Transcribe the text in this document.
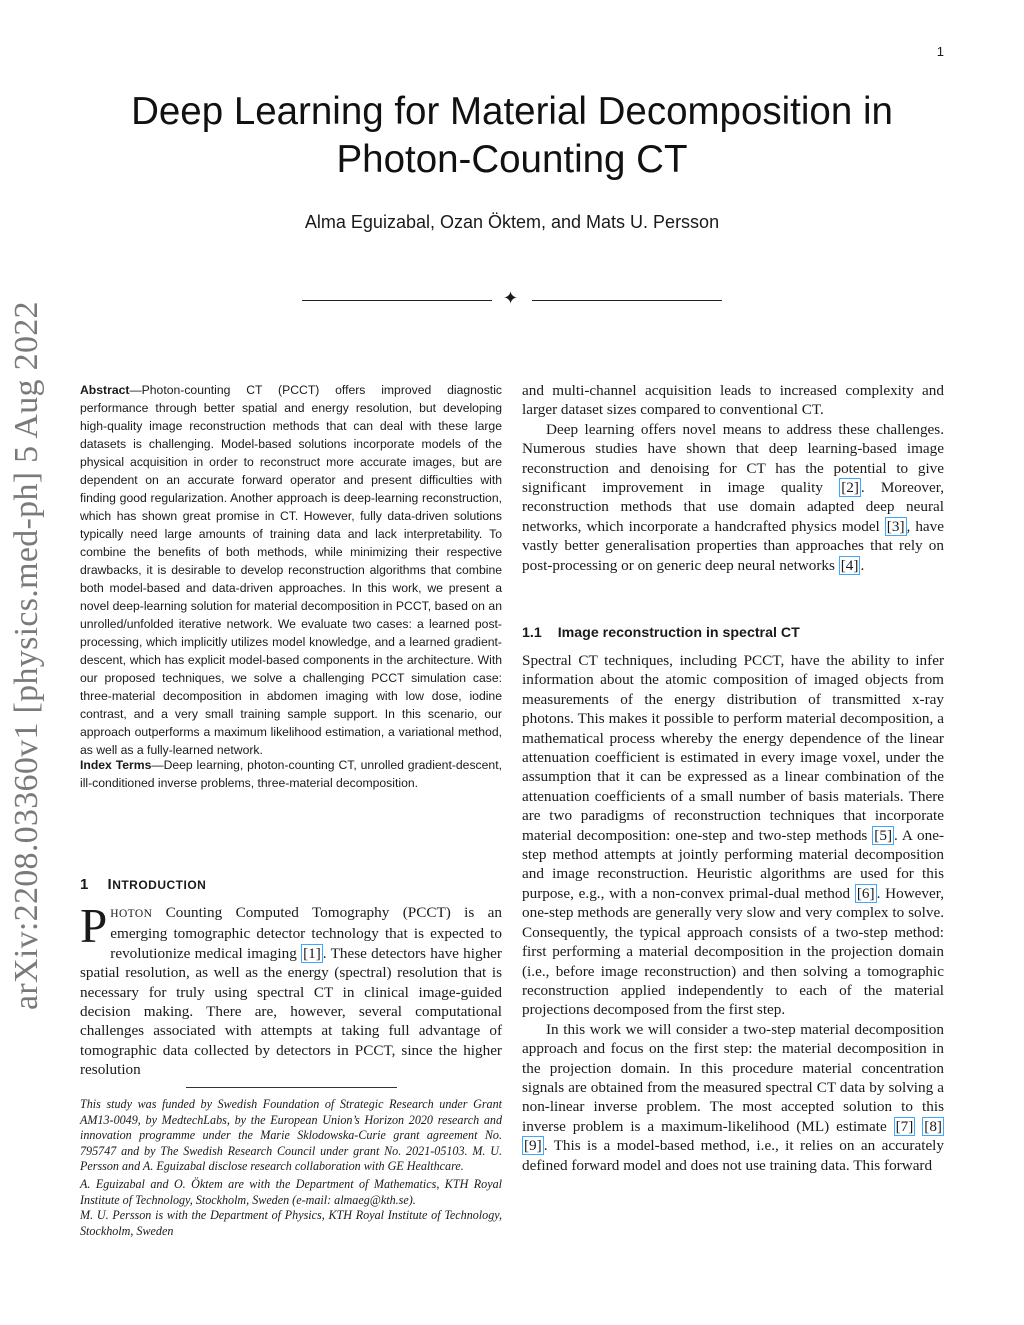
1
arXiv:2208.03360v1 [physics.med-ph] 5 Aug 2022
Deep Learning for Material Decomposition in
Photon-Counting CT
Alma Eguizabal, Ozan Öktem, and Mats U. Persson
✦

Abstract—Photon-counting CT (PCCT) offers improved diagnostic performance through better spatial and energy resolution, but developing high-quality image reconstruction methods that can deal with these large datasets is challenging. Model-based solutions incorporate models of the physical acquisition in order to reconstruct more accurate images, but are dependent on an accurate forward operator and present difficulties with finding good regularization. Another approach is deep-learning reconstruction, which has shown great promise in CT. However, fully data-driven solutions typically need large amounts of training data and lack interpretability. To combine the benefits of both methods, while minimizing their respective drawbacks, it is desirable to develop reconstruction algorithms that combine both model-based and data-driven approaches. In this work, we present a novel deep-learning solution for material decomposition in PCCT, based on an unrolled/unfolded iterative network. We evaluate two cases: a learned post-processing, which implicitly utilizes model knowledge, and a learned gradient-descent, which has explicit model-based components in the architecture. With our proposed techniques, we solve a challenging PCCT simulation case: three-material decomposition in abdomen imaging with low dose, iodine contrast, and a very small training sample support. In this scenario, our approach outperforms a maximum likelihood estimation, a variational method, as well as a fully-learned network.

Index Terms—Deep learning, photon-counting CT, unrolled gradient-descent, ill-conditioned inverse problems, three-material decomposition.

1 INTRODUCTION

PHOTON Counting Computed Tomography (PCCT) is an emerging tomographic detector technology that is expected to revolutionize medical imaging [1] . These detectors have higher spatial resolution, as well as the energy (spectral) resolution that is necessary for truly using spectral CT in clinical image-guided decision making. There are, however, several computational challenges associated with attempts at taking full advantage of tomographic data collected by detectors in PCCT, since the higher resolution

This study was funded by Swedish Foundation of Strategic Research under Grant AM13-0049, by MedtechLabs, by the European Union’s Horizon 2020 research and innovation programme under the Marie Sklodowska-Curie grant agreement No. 795747 and by The Swedish Research Council under grant No. 2021-05103. M. U. Persson and A. Eguizabal disclose research collaboration with GE Healthcare.

A. Eguizabal and O. Öktem are with the Department of Mathematics, KTH Royal Institute of Technology, Stockholm, Sweden (e-mail: almaeg@kth.se).

M. U. Persson is with the Department of Physics, KTH Royal Institute of Technology, Stockholm, Sweden

and multi-channel acquisition leads to increased complexity and larger dataset sizes compared to conventional CT.

Deep learning offers novel means to address these challenges. Numerous studies have shown that deep learning-based image reconstruction and denoising for CT has the potential to give significant improvement in image quality [2] . Moreover, reconstruction methods that use domain adapted deep neural networks, which incorporate a handcrafted physics model [3] , have vastly better generalisation properties than approaches that rely on post-processing or on generic deep neural networks [4] .

1.1 Image reconstruction in spectral CT

Spectral CT techniques, including PCCT, have the ability to infer information about the atomic composition of imaged objects from measurements of the energy distribution of transmitted x-ray photons. This makes it possible to perform material decomposition, a mathematical process whereby the energy dependence of the linear attenuation coefficient is estimated in every image voxel, under the assumption that it can be expressed as a linear combination of the attenuation coefficients of a small number of basis materials. There are two paradigms of reconstruction techniques that incorporate material decomposition: one-step and two-step methods [5] . A one-step method attempts at jointly performing material decomposition and image reconstruction. Heuristic algorithms are used for this purpose, e.g., with a non-convex primal-dual method [6] . However, one-step methods are generally very slow and very complex to solve. Consequently, the typical approach consists of a two-step method: first performing a material decomposition in the projection domain (i.e., before image reconstruction) and then solving a tomographic reconstruction applied independently to each of the material projections decomposed from the first step.

In this work we will consider a two-step material decomposition approach and focus on the first step: the material decomposition in the projection domain. In this procedure material concentration signals are obtained from the measured spectral CT data by solving a non-linear inverse problem. The most accepted solution to this inverse problem is a maximum-likelihood (ML) estimate [7] [8] [9] . This is a model-based method, i.e., it relies on an accurately defined forward model and does not use training data. This forward
